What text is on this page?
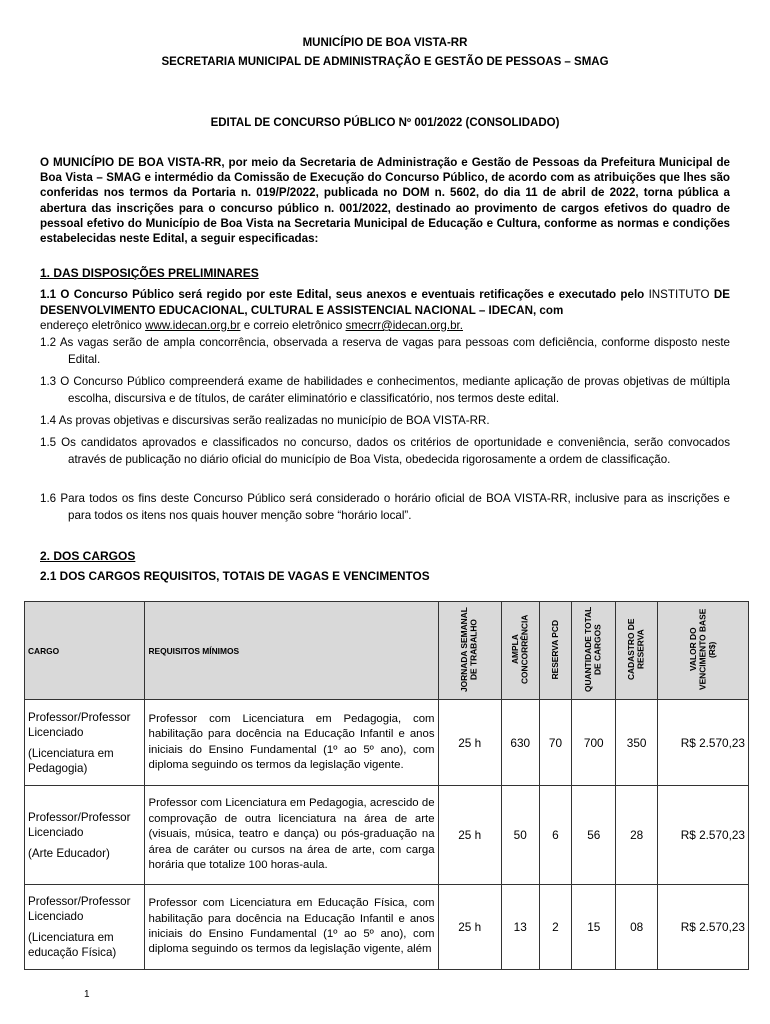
MUNICÍPIO DE BOA VISTA-RR
SECRETARIA MUNICIPAL DE ADMINISTRAÇÃO E GESTÃO DE PESSOAS – SMAG
EDITAL DE CONCURSO PÚBLICO Nº 001/2022 (CONSOLIDADO)
O MUNICÍPIO DE BOA VISTA-RR, por meio da Secretaria de Administração e Gestão de Pessoas da Prefeitura Municipal de Boa Vista – SMAG e intermédio da Comissão de Execução do Concurso Público, de acordo com as atribuições que lhes são conferidas nos termos da Portaria n. 019/P/2022, publicada no DOM n. 5602, do dia 11 de abril de 2022, torna pública a abertura das inscrições para o concurso público n. 001/2022, destinado ao provimento de cargos efetivos do quadro de pessoal efetivo do Município de Boa Vista na Secretaria Municipal de Educação e Cultura, conforme as normas e condições estabelecidas neste Edital, a seguir especificadas:
1. DAS DISPOSIÇÕES PRELIMINARES
1.1 O Concurso Público será regido por este Edital, seus anexos e eventuais retificações e executado pelo INSTITUTO DE DESENVOLVIMENTO EDUCACIONAL, CULTURAL E ASSISTENCIAL NACIONAL – IDECAN, com
endereço eletrônico www.idecan.org.br e correio eletrônico smecrr@idecan.org.br.
1.2 As vagas serão de ampla concorrência, observada a reserva de vagas para pessoas com deficiência, conforme disposto neste Edital.
1.3 O Concurso Público compreenderá exame de habilidades e conhecimentos, mediante aplicação de provas objetivas de múltipla escolha, discursiva e de títulos, de caráter eliminatório e classificatório, nos termos deste edital.
1.4 As provas objetivas e discursivas serão realizadas no município de BOA VISTA-RR.
1.5 Os candidatos aprovados e classificados no concurso, dados os critérios de oportunidade e conveniência, serão convocados através de publicação no diário oficial do município de Boa Vista, obedecida rigorosamente a ordem de classificação.
1.6 Para todos os fins deste Concurso Público será considerado o horário oficial de BOA VISTA-RR, inclusive para as inscrições e para todos os itens nos quais houver menção sobre “horário local”.
2. DOS CARGOS
2.1 DOS CARGOS REQUISITOS, TOTAIS DE VAGAS E VENCIMENTOS
CARGO	REQUISITOS MÍNIMOS	JORNADA SEMANAL DE TRABALHO	AMPLA CONCORRÊNCIA	RESERVA PCD	QUANTIDADE TOTAL DE CARGOS	CADASTRO DE RESERVA	VALOR DO VENCIMENTO BASE (R$)

Professor/Professor Licenciado
(Licenciatura em Pedagogia)	Professor com Licenciatura em Pedagogia, com habilitação para docência na Educação Infantil e anos iniciais do Ensino Fundamental (1º ao 5º ano), com diploma seguindo os termos da legislação vigente.	25 h	630	70	700	350	R$ 2.570,23

Professor/Professor Licenciado
(Arte Educador)	Professor com Licenciatura em Pedagogia, acrescido de comprovação de outra licenciatura na área de arte (visuais, música, teatro e dança) ou pós-graduação na área de caráter ou cursos na área de arte, com carga horária que totalize 100 horas-aula.	25 h	50	6	56	28	R$ 2.570,23

Professor/Professor Licenciado
(Licenciatura em educação Física)	Professor com Licenciatura em Educação Física, com habilitação para docência na Educação Infantil e anos iniciais do Ensino Fundamental (1º ao 5º ano), com diploma seguindo os termos da legislação vigente, além	25 h	13	2	15	08	R$ 2.570,23
1
